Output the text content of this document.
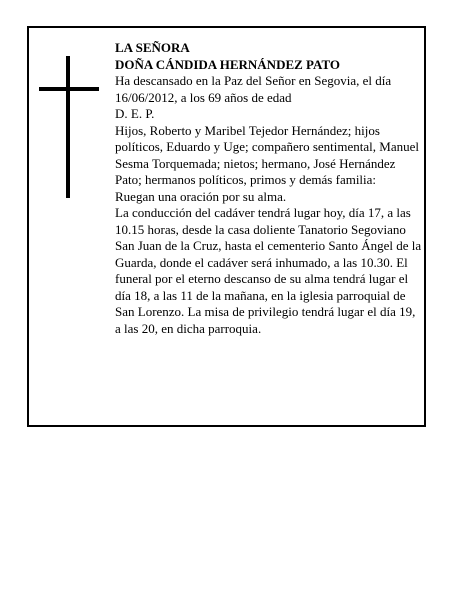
LA SEÑORA

DOÑA CÁNDIDA HERNÁNDEZ PATO

Ha descansado en la Paz del Señor en Segovia, el día 16/06/2012, a los 69 años de edad

D. E. P.

Hijos, Roberto y Maribel Tejedor Hernández; hijos políticos, Eduardo y Uge; compañero sentimental, Manuel Sesma Torquemada; nietos; hermano, José Hernández Pato; hermanos políticos, primos y demás familia:

Ruegan una oración por su alma.

La conducción del cadáver tendrá lugar hoy, día 17, a las 10.15 horas, desde la casa doliente Tanatorio Segoviano San Juan de la Cruz, hasta el cementerio Santo Ángel de la Guarda, donde el cadáver será inhumado, a las 10.30. El funeral por el eterno descanso de su alma tendrá lugar el día 18, a las 11 de la mañana, en la iglesia parroquial de San Lorenzo. La misa de privilegio tendrá lugar el día 19, a las 20, en dicha parroquia.
